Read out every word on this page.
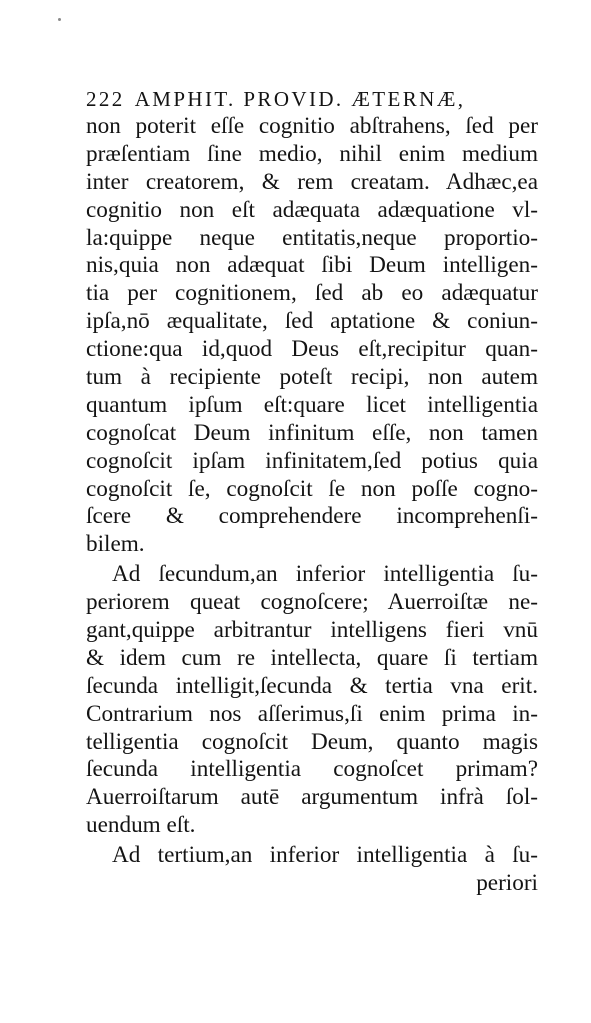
222 AMPHIT. PROVID. ÆTERNÆ,
non poterit eſſe cognitio abſtrahens, ſed per
præſentiam ſine medio, nihil enim medium
inter creatorem, & rem creatam. Adhæc,ea
cognitio non eſt adæquata adæquatione vl-
la:quippe neque entitatis,neque proportio-
nis,quia non adæquat ſibi Deum intelligen-
tia per cognitionem, ſed ab eo adæquatur
ipſa,nō æqualitate, ſed aptatione & coniun-
ctione:qua id,quod Deus eſt,recipitur quan-
tum à recipiente poteſt recipi, non autem
quantum ipſum eſt:quare licet intelligentia
cognoſcat Deum infinitum eſſe, non tamen
cognoſcit ipſam infinitatem,ſed potius quia
cognoſcit ſe, cognoſcit ſe non poſſe cogno-
ſcere & comprehendere incomprehenſi-
bilem.
Ad ſecundum,an inferior intelligentia ſu-
periorem queat cognoſcere; Auerroiſtæ ne-
gant,quippe arbitrantur intelligens fieri vnū
& idem cum re intellecta, quare ſi tertiam
ſecunda intelligit,ſecunda & tertia vna erit.
Contrarium nos aſſerimus,ſi enim prima in-
telligentia cognoſcit Deum, quanto magis
ſecunda intelligentia cognoſcet primam?
Auerroiſtarum autē argumentum infrà ſol-
uendum eſt.
Ad tertium,an inferior intelligentia à ſu-
periori
